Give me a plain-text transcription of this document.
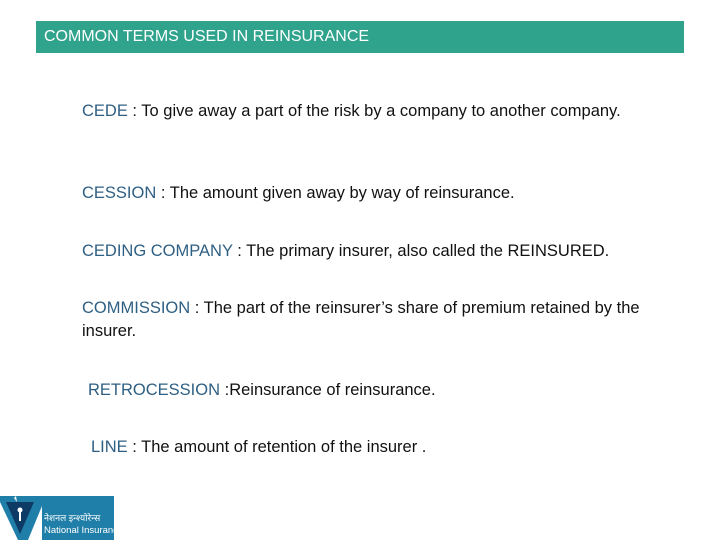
COMMON TERMS USED IN REINSURANCE
CEDE : To give away a part of the risk by a company to another company.
CESSION : The amount given away by way of reinsurance.
CEDING COMPANY : The primary insurer, also called the REINSURED.
COMMISSION : The part of the reinsurer’s share of premium retained by the insurer.
RETROCESSION :Reinsurance of reinsurance.
LINE : The amount of retention of the insurer .
नेशनल इन्श्योरेन्स
National Insurance
